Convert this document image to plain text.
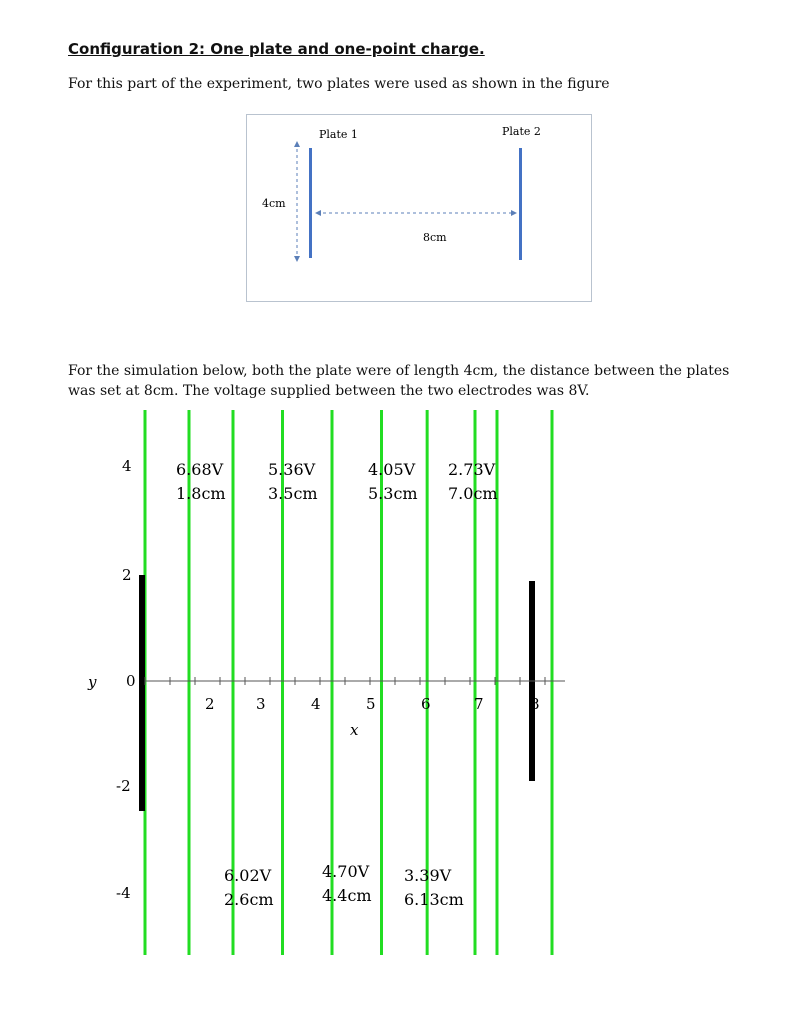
Configuration 2: One plate and one-point charge.
For this part of the experiment, two plates were used as shown in the figure
Plate 1	Plate 2
4cm
8cm
For the simulation below, both the plate were of length 4cm, the distance between the plates was set at 8cm. The voltage supplied between the two electrodes was 8V.
4
2
0
-2
-4
y
x
2	3	4	5	6	7	8
6.68V
1.8cm
5.36V
3.5cm
4.05V
5.3cm
2.73V
7.0cm
6.02V
2.6cm
4.70V
4.4cm
3.39V
6.13cm
